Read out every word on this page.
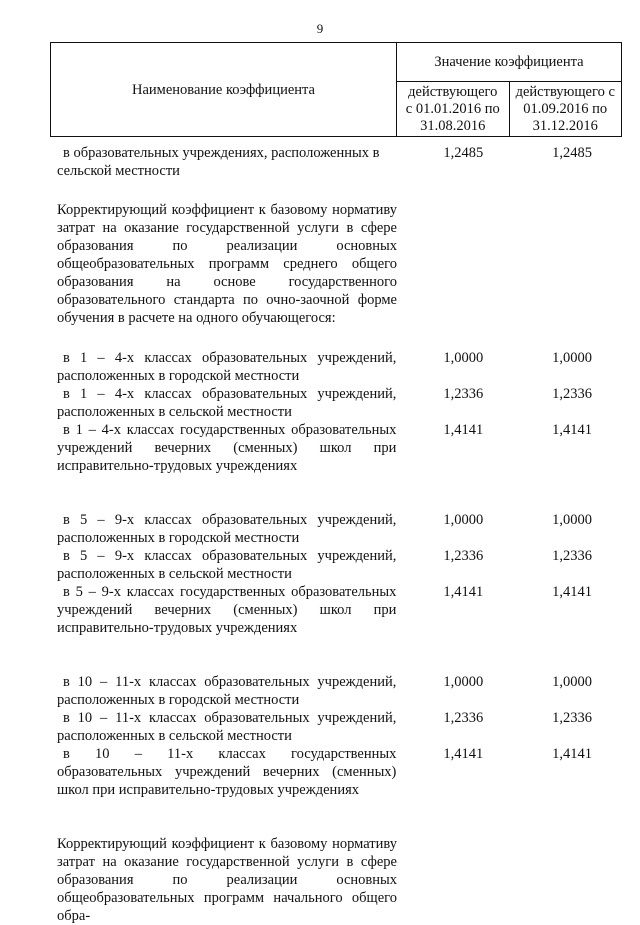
9
Наименование коэффициента	Значение коэффициента	
	действующего
с 01.01.2016 по
31.08.2016	действующего с
01.09.2016 по
31.12.2016
в образовательных учреждениях, расположенных в
сельской местности
1,2485	1,2485
Корректирующий коэффициент к базовому нормативу затрат на оказание государственной услуги в сфере образования по реализации основных общеобразовательных программ среднего общего образования на основе государственного образовательного стандарта по очно-заочной форме обучения в расчете на одного обучающегося:
в 1 – 4-х классах образовательных учреждений, расположенных в городской местности
1,0000	1,0000
в 1 – 4-х классах образовательных учреждений, расположенных в сельской местности
1,2336	1,2336
в 1 – 4-х классах государственных образовательных учреждений вечерних (сменных) школ при исправительно-трудовых учреждениях
1,4141	1,4141
в 5 – 9-х классах образовательных учреждений, расположенных в городской местности
1,0000	1,0000
в 5 – 9-х классах образовательных учреждений, расположенных в сельской местности
1,2336	1,2336
в 5 – 9-х классах государственных образовательных учреждений вечерних (сменных) школ при исправительно-трудовых учреждениях
1,4141	1,4141
в 10 – 11-х классах образовательных учреждений, расположенных в городской местности
1,0000	1,0000
в 10 – 11-х классах образовательных учреждений, расположенных в сельской местности
1,2336	1,2336
в 10 – 11-х классах государственных образовательных учреждений вечерних (сменных) школ при исправительно-трудовых учреждениях
1,4141	1,4141
Корректирующий коэффициент к базовому нормативу затрат на оказание государственной услуги в сфере образования по реализации основных общеобразовательных программ начального общего обра-
